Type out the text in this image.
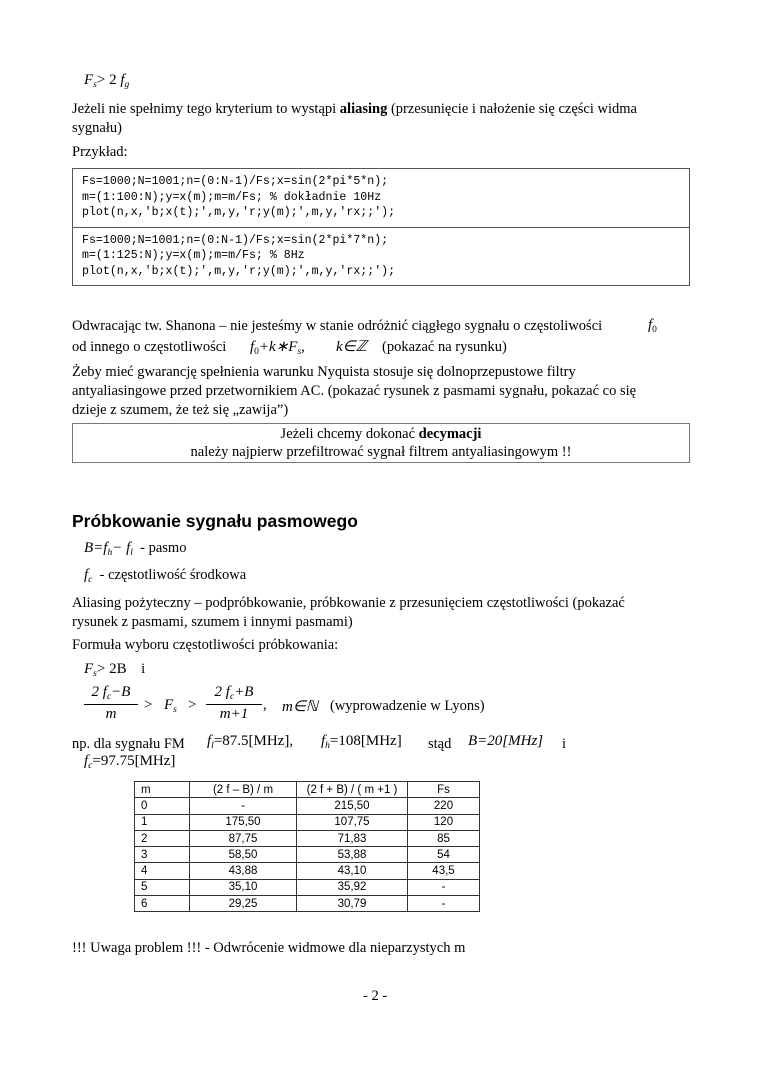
$F_s> 2$ $f_g$
Jeżeli nie spełnimy tego kryterium to wystąpi aliasing (przesunięcie i nałożenie się części widma
sygnału)
Przykład:
Fs=1000;N=1001;n=(0:N-1)/Fs;x=sin(2*pi*5*n);
m=(1:100:N);y=x(m);m=m/Fs; % dokładnie 10Hz
plot(n,x,'b;x(t);',m,y,'r;y(m);',m,y,'rx;;');
Fs=1000;N=1001;n=(0:N-1)/Fs;x=sin(2*pi*7*n);
m=(1:125:N);y=x(m);m=m/Fs; % 8Hz
plot(n,x,'b;x(t);',m,y,'r;y(m);',m,y,'rx;;');
Odwracając tw. Shanona – nie jesteśmy w stanie odróżnić ciągłego sygnału o częstoliwości	$f_0$
od innego o częstotliwości $f_0+k∗F_s$, k∈ℤ (pokazać na rysunku)
Żeby mieć gwarancję spełnienia warunku Nyquista stosuje się dolnoprzepustowe filtry
antyaliasingowe przed przetwornikiem AC. (pokazać rysunek z pasmami sygnału, pokazać co się
dzieje z szumem, że też się „zawija”)
Jeżeli chcemy dokonać decymacji
należy najpierw przefiltrować sygnał filtrem antyaliasingowym !!
Próbkowanie sygnału pasmowego
$B=f_h- f_l$ - pasmo
$f_c$ - częstotliwość środkowa
Aliasing pożyteczny – podpróbkowanie, próbkowanie z przesunięciem częstotliwości (pokazać
rysunek z pasmami, szumem i innymi pasmami)
Formuła wyboru częstotliwości próbkowania:
$F_s> 2B$ i
2 $f_c-B$
m
> $F_s$ >
2 $f_c+B$
m+1
, m∈ℕ (wyprowadzenie w Lyons)
np. dla sygnału FM $f_l=87.5[MHz]$, $f_h=108[MHz]$ stąd B=20[MHz] i
$f_c=97.75[MHz]$
m	(2 f – B) / m	(2 f + B) / ( m +1 )	Fs
0	-	215,50	220
1	175,50	107,75	120
2	87,75	71,83	85
3	58,50	53,88	54
4	43,88	43,10	43,5
5	35,10	35,92	-
6	29,25	30,79	-
!!! Uwaga problem !!! - Odwrócenie widmowe dla nieparzystych m
- 2 -
